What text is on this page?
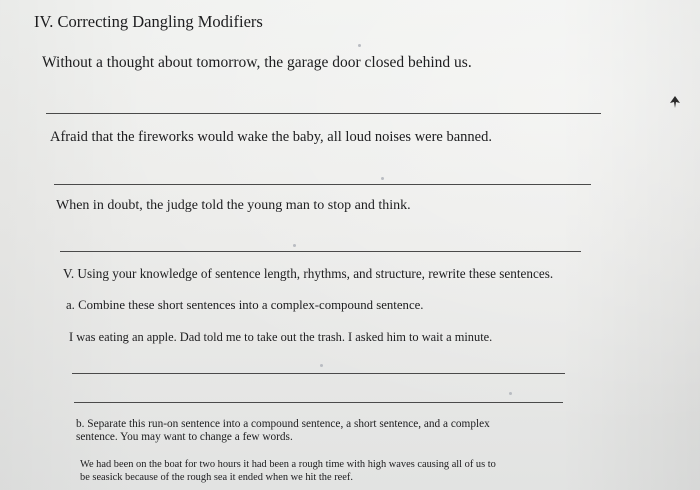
IV. Correcting Dangling Modifiers

Without a thought about tomorrow, the garage door closed behind us.

Afraid that the fireworks would wake the baby, all loud noises were banned.

When in doubt, the judge told the young man to stop and think.

V. Using your knowledge of sentence length, rhythms, and structure, rewrite these sentences.

a. Combine these short sentences into a complex-compound sentence.

I was eating an apple. Dad told me to take out the trash. I asked him to wait a minute.

b. Separate this run-on sentence into a compound sentence, a short sentence, and a complex

sentence. You may want to change a few words.

We had been on the boat for two hours it had been a rough time with high waves causing all of us to

be seasick because of the rough sea it ended when we hit the reef.
